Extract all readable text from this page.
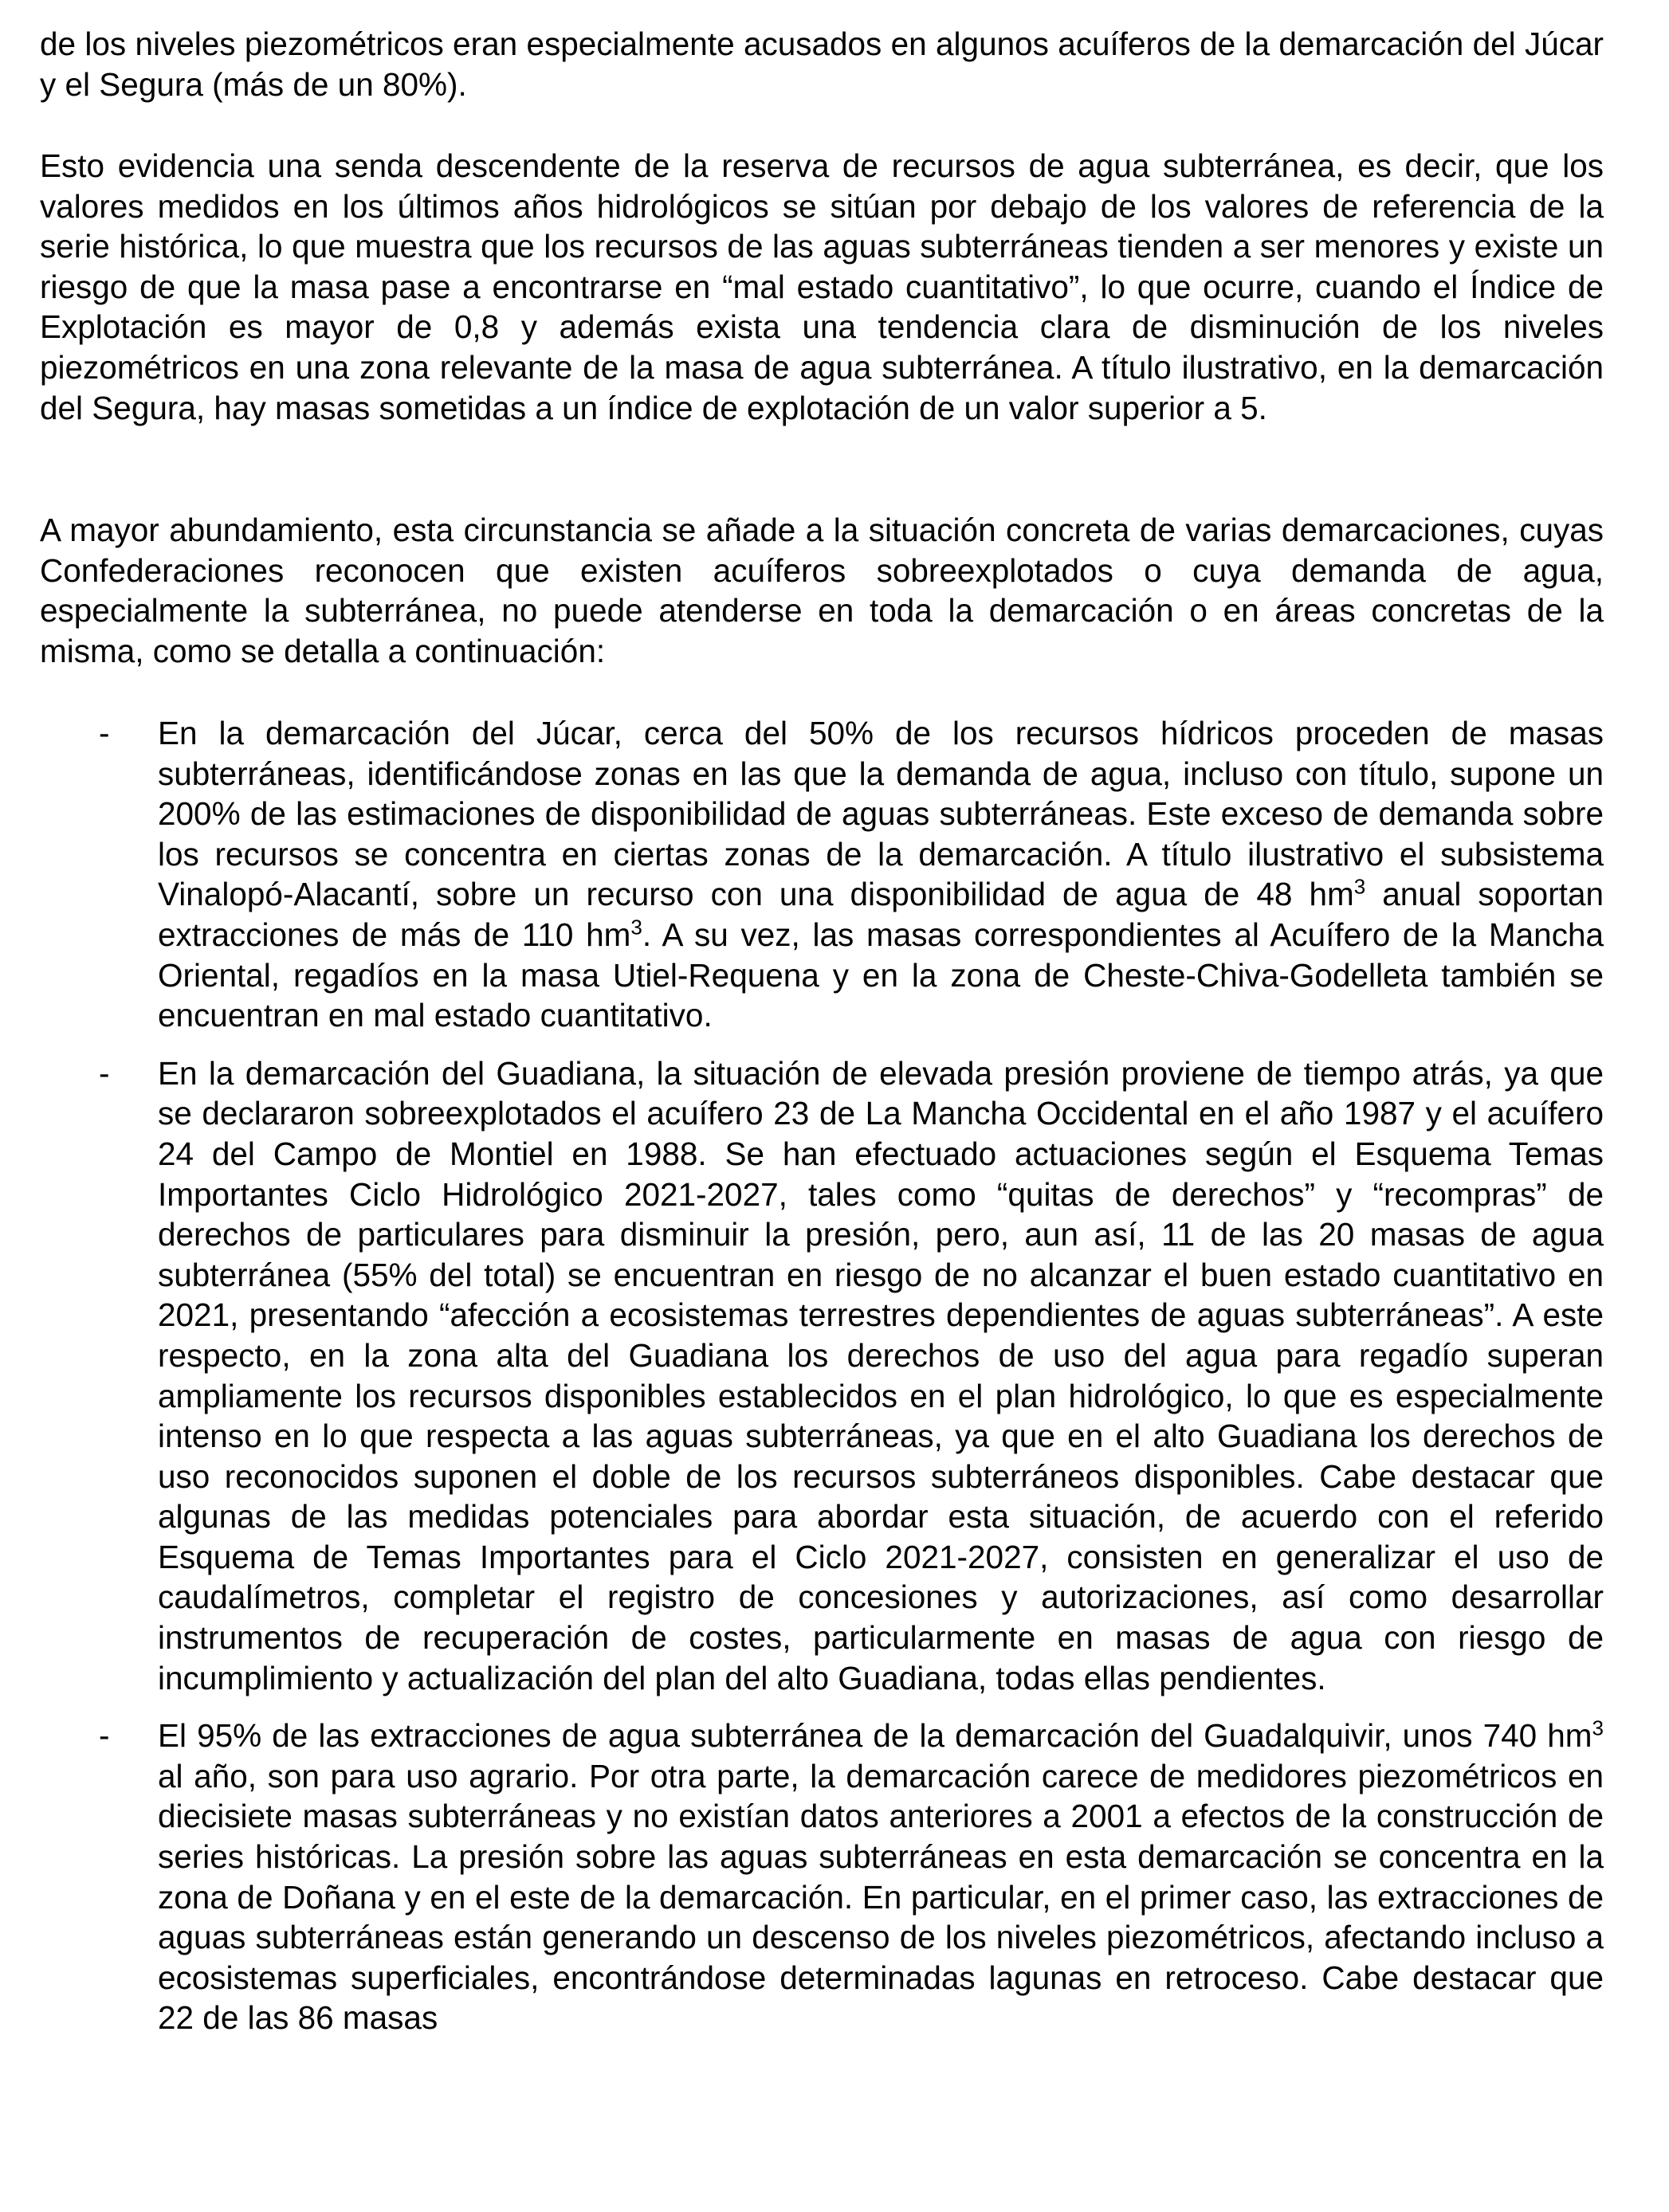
de los niveles piezométricos eran especialmente acusados en algunos acuíferos de la demarcación del Júcar y el Segura (más de un 80%).

Esto evidencia una senda descendente de la reserva de recursos de agua subterránea, es decir, que los valores medidos en los últimos años hidrológicos se sitúan por debajo de los valores de referencia de la serie histórica, lo que muestra que los recursos de las aguas subterráneas tienden a ser menores y existe un riesgo de que la masa pase a encontrarse en “mal estado cuantitativo”, lo que ocurre, cuando el Índice de Explotación es mayor de 0,8 y además exista una tendencia clara de disminución de los niveles piezométricos en una zona relevante de la masa de agua subterránea. A título ilustrativo, en la demarcación del Segura, hay masas sometidas a un índice de explotación de un valor superior a 5.

A mayor abundamiento, esta circunstancia se añade a la situación concreta de varias demarcaciones, cuyas Confederaciones reconocen que existen acuíferos sobreexplotados o cuya demanda de agua, especialmente la subterránea, no puede atenderse en toda la demarcación o en áreas concretas de la misma, como se detalla a continuación:

- En la demarcación del Júcar, cerca del 50% de los recursos hídricos proceden de masas subterráneas, identificándose zonas en las que la demanda de agua, incluso con título, supone un 200% de las estimaciones de disponibilidad de aguas subterráneas. Este exceso de demanda sobre los recursos se concentra en ciertas zonas de la demarcación. A título ilustrativo el subsistema Vinalopó-Alacantí, sobre un recurso con una disponibilidad de agua de 48 $hm^3$ anual soportan extracciones de más de 110 $hm^3$. A su vez, las masas correspondientes al Acuífero de la Mancha Oriental, regadíos en la masa Utiel-Requena y en la zona de Cheste-Chiva-Godelleta también se encuentran en mal estado cuantitativo.
- En la demarcación del Guadiana, la situación de elevada presión proviene de tiempo atrás, ya que se declararon sobreexplotados el acuífero 23 de La Mancha Occidental en el año 1987 y el acuífero 24 del Campo de Montiel en 1988. Se han efectuado actuaciones según el Esquema Temas Importantes Ciclo Hidrológico 2021-2027, tales como “quitas de derechos” y “recompras” de derechos de particulares para disminuir la presión, pero, aun así, 11 de las 20 masas de agua subterránea (55% del total) se encuentran en riesgo de no alcanzar el buen estado cuantitativo en 2021, presentando “afección a ecosistemas terrestres dependientes de aguas subterráneas”. A este respecto, en la zona alta del Guadiana los derechos de uso del agua para regadío superan ampliamente los recursos disponibles establecidos en el plan hidrológico, lo que es especialmente intenso en lo que respecta a las aguas subterráneas, ya que en el alto Guadiana los derechos de uso reconocidos suponen el doble de los recursos subterráneos disponibles. Cabe destacar que algunas de las medidas potenciales para abordar esta situación, de acuerdo con el referido Esquema de Temas Importantes para el Ciclo 2021-2027, consisten en generalizar el uso de caudalímetros, completar el registro de concesiones y autorizaciones, así como desarrollar instrumentos de recuperación de costes, particularmente en masas de agua con riesgo de incumplimiento y actualización del plan del alto Guadiana, todas ellas pendientes.
- El 95% de las extracciones de agua subterránea de la demarcación del Guadalquivir, unos 740 $hm^3$ al año, son para uso agrario. Por otra parte, la demarcación carece de medidores piezométricos en diecisiete masas subterráneas y no existían datos anteriores a 2001 a efectos de la construcción de series históricas. La presión sobre las aguas subterráneas en esta demarcación se concentra en la zona de Doñana y en el este de la demarcación. En particular, en el primer caso, las extracciones de aguas subterráneas están generando un descenso de los niveles piezométricos, afectando incluso a ecosistemas superficiales, encontrándose determinadas lagunas en retroceso. Cabe destacar que 22 de las 86 masas
